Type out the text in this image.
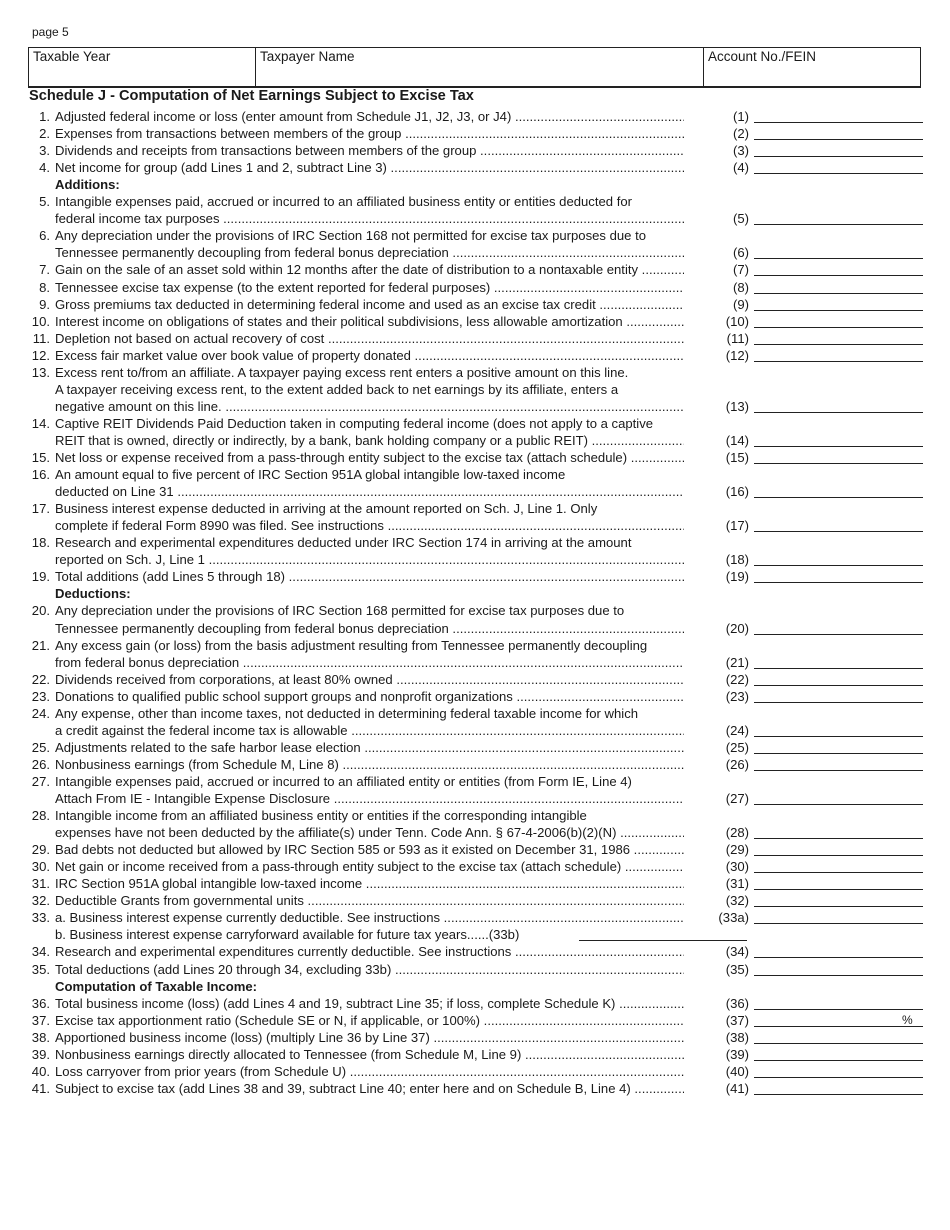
page 5
Taxable Year	Taxpayer Name	Account No./FEIN
Schedule J - Computation of Net Earnings Subject to Excise Tax
1. Adjusted federal income or loss (enter amount from Schedule J1, J2, J3, or J4) .....	(1)
2. Expenses from transactions between members of the group .....	(2)
3. Dividends and receipts from transactions between members of the group .....	(3)
4. Net income for group (add Lines 1 and 2, subtract Line 3) .....	(4)
Additions:
5. Intangible expenses paid, accrued or incurred to an affiliated business entity or entities deducted for
federal income tax purposes .....	(5)
6. Any depreciation under the provisions of IRC Section 168 not permitted for excise tax purposes due to
Tennessee permanently decoupling from federal bonus depreciation .....	(6)
7. Gain on the sale of an asset sold within 12 months after the date of distribution to a nontaxable entity .....	(7)
8. Tennessee excise tax expense (to the extent reported for federal purposes) .....	(8)
9. Gross premiums tax deducted in determining federal income and used as an excise tax credit .....	(9)
10. Interest income on obligations of states and their political subdivisions, less allowable amortization .....	(10)
11. Depletion not based on actual recovery of cost .....	(11)
12. Excess fair market value over book value of property donated .....	(12)
13. Excess rent to/from an affiliate. A taxpayer paying excess rent enters a positive amount on this line.
A taxpayer receiving excess rent, to the extent added back to net earnings by its affiliate, enters a
negative amount on this line. .....	(13)
14. Captive REIT Dividends Paid Deduction taken in computing federal income (does not apply to a captive
REIT that is owned, directly or indirectly, by a bank, bank holding company or a public REIT) .....	(14)
15. Net loss or expense received from a pass-through entity subject to the excise tax (attach schedule) .....	(15)
16. An amount equal to five percent of IRC Section 951A global intangible low-taxed income
deducted on Line 31 .....	(16)
17. Business interest expense deducted in arriving at the amount reported on Sch. J, Line 1. Only
complete if federal Form 8990 was filed. See instructions .....	(17)
18. Research and experimental expenditures deducted under IRC Section 174 in arriving at the amount
reported on Sch. J, Line 1 .....	(18)
19. Total additions (add Lines 5 through 18) .....	(19)
Deductions:
20. Any depreciation under the provisions of IRC Section 168 permitted for excise tax purposes due to
Tennessee permanently decoupling from federal bonus depreciation .....	(20)
21. Any excess gain (or loss) from the basis adjustment resulting from Tennessee permanently decoupling
from federal bonus depreciation .....	(21)
22. Dividends received from corporations, at least 80% owned .....	(22)
23. Donations to qualified public school support groups and nonprofit organizations .....	(23)
24. Any expense, other than income taxes, not deducted in determining federal taxable income for which
a credit against the federal income tax is allowable .....	(24)
25. Adjustments related to the safe harbor lease election .....	(25)
26. Nonbusiness earnings (from Schedule M, Line 8) .....	(26)
27. Intangible expenses paid, accrued or incurred to an affiliated entity or entities (from Form IE, Line 4)
Attach From IE - Intangible Expense Disclosure .....	(27)
28. Intangible income from an affiliated business entity or entities if the corresponding intangible
expenses have not been deducted by the affiliate(s) under Tenn. Code Ann. § 67-4-2006(b)(2)(N) .....	(28)
29. Bad debts not deducted but allowed by IRC Section 585 or 593 as it existed on December 31, 1986 .....	(29)
30. Net gain or income received from a pass-through entity subject to the excise tax (attach schedule) .....	(30)
31. IRC Section 951A global intangible low-taxed income .....	(31)
32. Deductible Grants from governmental units .....	(32)
33. a. Business interest expense currently deductible. See instructions .....	(33a)
b. Business interest expense carryforward available for future tax years......(33b)
34. Research and experimental expenditures currently deductible. See instructions .....	(34)
35. Total deductions (add Lines 20 through 34, excluding 33b) .....	(35)
Computation of Taxable Income:
36. Total business income (loss) (add Lines 4 and 19, subtract Line 35; if loss, complete Schedule K) .....	(36)
37. Excise tax apportionment ratio (Schedule SE or N, if applicable, or 100%) .....	(37)	%
38. Apportioned business income (loss) (multiply Line 36 by Line 37) .....	(38)
39. Nonbusiness earnings directly allocated to Tennessee (from Schedule M, Line 9) .....	(39)
40. Loss carryover from prior years (from Schedule U) .....	(40)
41. Subject to excise tax (add Lines 38 and 39, subtract Line 40; enter here and on Schedule B, Line 4) .....	(41)
